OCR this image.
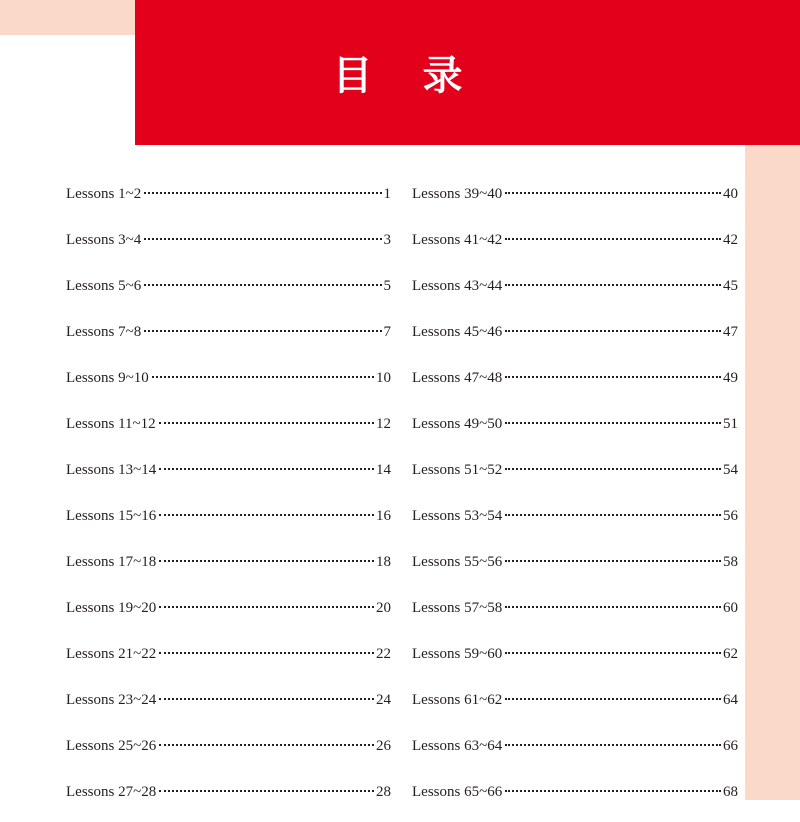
目 录
Lessons 1~2	1
Lessons 3~4	3
Lessons 5~6	5
Lessons 7~8	7
Lessons 9~10	10
Lessons 11~12	12
Lessons 13~14	14
Lessons 15~16	16
Lessons 17~18	18
Lessons 19~20	20
Lessons 21~22	22
Lessons 23~24	24
Lessons 25~26	26
Lessons 27~28	28
Lessons 39~40	40
Lessons 41~42	42
Lessons 43~44	45
Lessons 45~46	47
Lessons 47~48	49
Lessons 49~50	51
Lessons 51~52	54
Lessons 53~54	56
Lessons 55~56	58
Lessons 57~58	60
Lessons 59~60	62
Lessons 61~62	64
Lessons 63~64	66
Lessons 65~66	68
